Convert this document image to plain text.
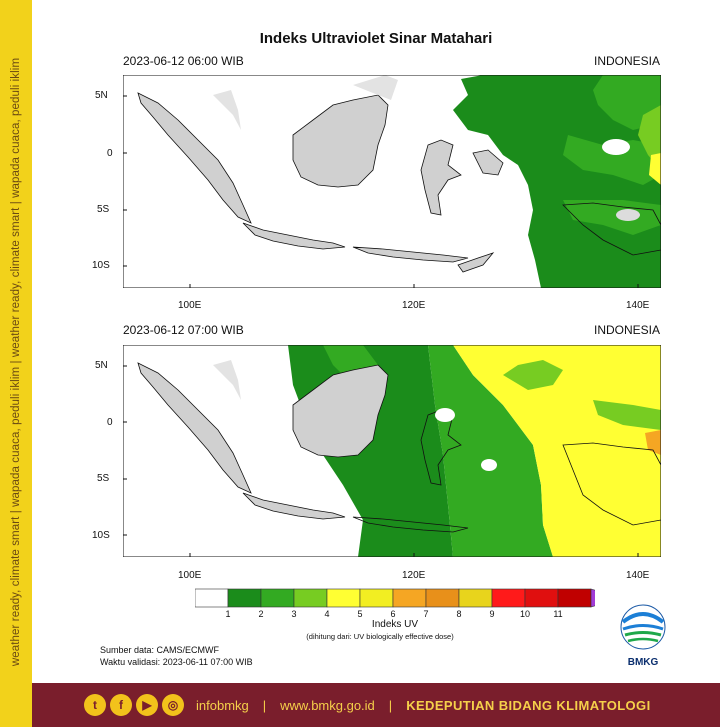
weather ready, climate smart | wapada cuaca, peduli iklim | weather ready, climate smart | wapada cuaca, peduli iklim
Indeks Ultraviolet Sinar Matahari
2023-06-12 06:00 WIB	INDONESIA
5N
0
5S
10S
100E	120E	140E
2023-06-12 07:00 WIB	INDONESIA
5N
0
5S
10S
100E	120E	140E
1	2	3	4	5	6	7	8	9	10	11
Indeks UV
(dihitung dari: UV biologically effective dose)
Sumber data: CAMS/ECMWF
Waktu validasi: 2023-06-11 07:00 WIB	BMKG
t	f	▶	◎	infobmkg | www.bmkg.go.id | KEDEPUTIAN BIDANG KLIMATOLOGI
